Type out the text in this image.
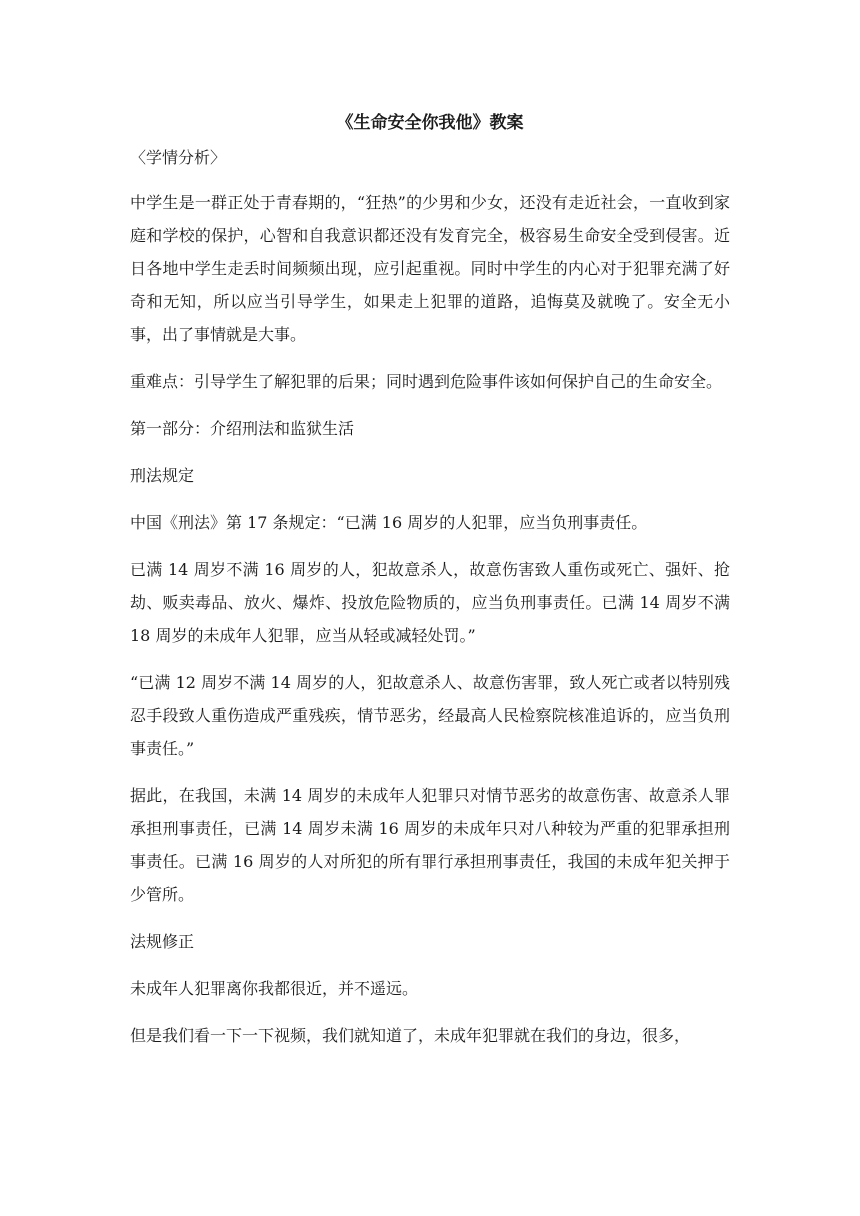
《生命安全你我他》教案
〈学情分析〉

中学生是一群正处于青春期的，“狂热”的少男和少女，还没有走近社会，一直收到家庭和学校的保护，心智和自我意识都还没有发育完全，极容易生命安全受到侵害。近日各地中学生走丢时间频频出现，应引起重视。同时中学生的内心对于犯罪充满了好奇和无知，所以应当引导学生，如果走上犯罪的道路，追悔莫及就晚了。安全无小事，出了事情就是大事。

重难点：引导学生了解犯罪的后果；同时遇到危险事件该如何保护自己的生命安全。

第一部分：介绍刑法和监狱生活

刑法规定

中国《刑法》第 17 条规定：“已满 16 周岁的人犯罪，应当负刑事责任。

已满 14 周岁不满 16 周岁的人，犯故意杀人，故意伤害致人重伤或死亡、强奸、抢劫、贩卖毒品、放火、爆炸、投放危险物质的，应当负刑事责任。已满 14 周岁不满 18 周岁的未成年人犯罪，应当从轻或减轻处罚。”

“已满 12 周岁不满 14 周岁的人，犯故意杀人、故意伤害罪，致人死亡或者以特别残忍手段致人重伤造成严重残疾，情节恶劣，经最高人民检察院核准追诉的，应当负刑事责任。”

据此，在我国，未满 14 周岁的未成年人犯罪只对情节恶劣的故意伤害、故意杀人罪承担刑事责任，已满 14 周岁未满 16 周岁的未成年只对八种较为严重的犯罪承担刑事责任。已满 16 周岁的人对所犯的所有罪行承担刑事责任，我国的未成年犯关押于少管所。

法规修正

未成年人犯罪离你我都很近，并不遥远。

但是我们看一下一下视频，我们就知道了，未成年犯罪就在我们的身边，很多，
